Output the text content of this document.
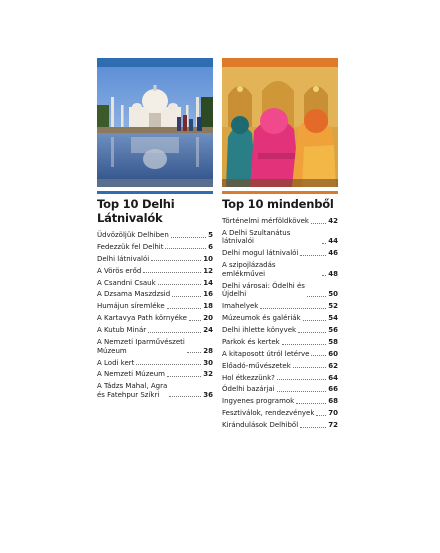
Top 10 Delhi
Látnivalók
Üdvözöljük Delhiben	5
Fedezzük fel Delhit	6
Delhi látnivalói	10
A Vörös erőd	12
A Csandni Csauk	14
A Dzsama Maszdzsid	16
Humájun síremléke	18
A Kartavya Path környéke 20
A Kutub Minár	24
A Nemzeti Iparművészeti
Múzeum	28
A Lodi kert	30
A Nemzeti Múzeum	32
A Tádzs Mahal, Agra
és Fatehpur Szíkri	36
Top 10 mindenből
Történelmi mérföldkövek	42
A Delhi Szultanátus látnivalói	44
Delhi mogul látnivalói	46
A szipojlázadás emlékművei	48
Delhi városai: Ódelhi és
Újdelhi	50
Imahelyek	52
Múzeumok és galériák	54
Delhi ihlette könyvek	56
Parkok és kertek	58
A kitaposott útról letérve	60
Előadó-művészetek	62
Hol étkezzünk?	64
Ódelhi bazárjai	66
Ingyenes programok	68
Fesztiválok, rendezvények 70
Kirándulások Delhiből	72
